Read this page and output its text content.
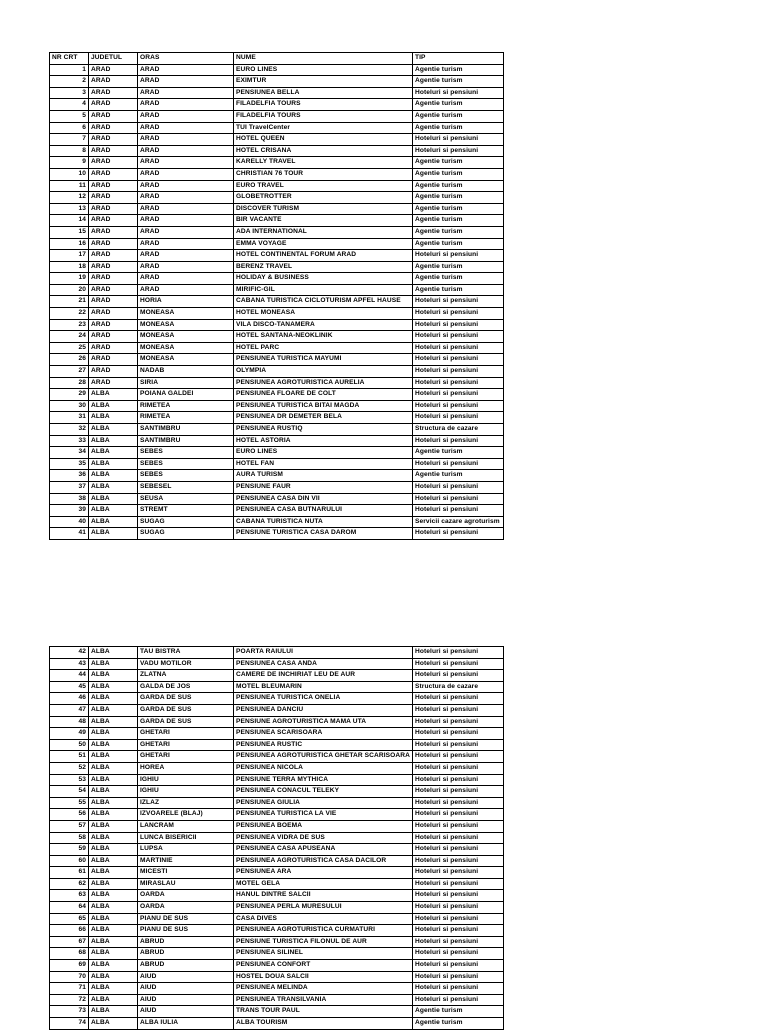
NR CRT	JUDETUL	ORAS	NUME	TIP
1	ARAD	ARAD	EURO LINES	Agentie turism
2	ARAD	ARAD	EXIMTUR	Agentie turism
3	ARAD	ARAD	PENSIUNEA BELLA	Hoteluri si pensiuni
4	ARAD	ARAD	FILADELFIA TOURS	Agentie turism
5	ARAD	ARAD	FILADELFIA TOURS	Agentie turism
6	ARAD	ARAD	TUI TravelCenter	Agentie turism
7	ARAD	ARAD	HOTEL QUEEN	Hoteluri si pensiuni
8	ARAD	ARAD	HOTEL CRISANA	Hoteluri si pensiuni
9	ARAD	ARAD	KARELLY TRAVEL	Agentie turism
10	ARAD	ARAD	CHRISTIAN 76 TOUR	Agentie turism
11	ARAD	ARAD	EURO TRAVEL	Agentie turism
12	ARAD	ARAD	GLOBETROTTER	Agentie turism
13	ARAD	ARAD	DISCOVER TURISM	Agentie turism
14	ARAD	ARAD	BIR VACANTE	Agentie turism
15	ARAD	ARAD	ADA INTERNATIONAL	Agentie turism
16	ARAD	ARAD	EMMA VOYAGE	Agentie turism
17	ARAD	ARAD	HOTEL CONTINENTAL FORUM ARAD	Hoteluri si pensiuni
18	ARAD	ARAD	BERENZ TRAVEL	Agentie turism
19	ARAD	ARAD	HOLIDAY & BUSINESS	Agentie turism
20	ARAD	ARAD	MIRIFIC-GIL	Agentie turism
21	ARAD	HORIA	CABANA TURISTICA CICLOTURISM APFEL HAUSE	Hoteluri si pensiuni
22	ARAD	MONEASA	HOTEL MONEASA	Hoteluri si pensiuni
23	ARAD	MONEASA	VILA DISCO-TANAMERA	Hoteluri si pensiuni
24	ARAD	MONEASA	HOTEL SANTANA-NEOKLINIK	Hoteluri si pensiuni
25	ARAD	MONEASA	HOTEL PARC	Hoteluri si pensiuni
26	ARAD	MONEASA	PENSIUNEA TURISTICA MAYUMI	Hoteluri si pensiuni
27	ARAD	NADAB	OLYMPIA	Hoteluri si pensiuni
28	ARAD	SIRIA	PENSIUNEA AGROTURISTICA AURELIA	Hoteluri si pensiuni
29	ALBA	POIANA GALDEI	PENSIUNEA FLOARE DE COLT	Hoteluri si pensiuni
30	ALBA	RIMETEA	PENSIUNEA TURISTICA BITAI MAGDA	Hoteluri si pensiuni
31	ALBA	RIMETEA	PENSIUNEA DR DEMETER BELA	Hoteluri si pensiuni
32	ALBA	SANTIMBRU	PENSIUNEA RUSTIQ	Structura de cazare
33	ALBA	SANTIMBRU	HOTEL ASTORIA	Hoteluri si pensiuni
34	ALBA	SEBES	EURO LINES	Agentie turism
35	ALBA	SEBES	HOTEL FAN	Hoteluri si pensiuni
36	ALBA	SEBES	AURA TURISM	Agentie turism
37	ALBA	SEBESEL	PENSIUNE FAUR	Hoteluri si pensiuni
38	ALBA	SEUSA	PENSIUNEA CASA DIN VII	Hoteluri si pensiuni
39	ALBA	STREMT	PENSIUNEA CASA BUTNARULUI	Hoteluri si pensiuni
40	ALBA	SUGAG	CABANA TURISTICA NUTA	Servicii cazare agroturism
41	ALBA	SUGAG	PENSIUNE TURISTICA CASA DAROM	Hoteluri si pensiuni
42	ALBA	TAU BISTRA	POARTA RAIULUI	Hoteluri si pensiuni
43	ALBA	VADU MOTILOR	PENSIUNEA CASA ANDA	Hoteluri si pensiuni
44	ALBA	ZLATNA	CAMERE DE INCHIRIAT LEU DE AUR	Hoteluri si pensiuni
45	ALBA	GALDA DE JOS	MOTEL BLEUMARIN	Structura de cazare
46	ALBA	GARDA DE SUS	PENSIUNEA TURISTICA ONELIA	Hoteluri si pensiuni
47	ALBA	GARDA DE SUS	PENSIUNEA DANCIU	Hoteluri si pensiuni
48	ALBA	GARDA DE SUS	PENSIUNE AGROTURISTICA MAMA UTA	Hoteluri si pensiuni
49	ALBA	GHETARI	PENSIUNEA SCARISOARA	Hoteluri si pensiuni
50	ALBA	GHETARI	PENSIUNEA RUSTIC	Hoteluri si pensiuni
51	ALBA	GHETARI	PENSIUNEA AGROTURISTICA GHETAR SCARISOARA	Hoteluri si pensiuni
52	ALBA	HOREA	PENSIUNEA NICOLA	Hoteluri si pensiuni
53	ALBA	IGHIU	PENSIUNE TERRA MYTHICA	Hoteluri si pensiuni
54	ALBA	IGHIU	PENSIUNEA CONACUL TELEKY	Hoteluri si pensiuni
55	ALBA	IZLAZ	PENSIUNEA GIULIA	Hoteluri si pensiuni
56	ALBA	IZVOARELE (BLAJ)	PENSIUNEA TURISTICA LA VIE	Hoteluri si pensiuni
57	ALBA	LANCRAM	PENSIUNEA BOEMA	Hoteluri si pensiuni
58	ALBA	LUNCA BISERICII	PENSIUNEA VIDRA DE SUS	Hoteluri si pensiuni
59	ALBA	LUPSA	PENSIUNEA CASA APUSEANA	Hoteluri si pensiuni
60	ALBA	MARTINIE	PENSIUNEA AGROTURISTICA CASA DACILOR	Hoteluri si pensiuni
61	ALBA	MICESTI	PENSIUNEA ARA	Hoteluri si pensiuni
62	ALBA	MIRASLAU	MOTEL GELA	Hoteluri si pensiuni
63	ALBA	OARDA	HANUL DINTRE SALCII	Hoteluri si pensiuni
64	ALBA	OARDA	PENSIUNEA PERLA MURESULUI	Hoteluri si pensiuni
65	ALBA	PIANU DE SUS	CASA DIVES	Hoteluri si pensiuni
66	ALBA	PIANU DE SUS	PENSIUNEA AGROTURISTICA CURMATURI	Hoteluri si pensiuni
67	ALBA	ABRUD	PENSIUNE TURISTICA FILONUL DE AUR	Hoteluri si pensiuni
68	ALBA	ABRUD	PENSIUNEA SILINEL	Hoteluri si pensiuni
69	ALBA	ABRUD	PENSIUNEA CONFORT	Hoteluri si pensiuni
70	ALBA	AIUD	HOSTEL DOUA SALCII	Hoteluri si pensiuni
71	ALBA	AIUD	PENSIUNEA MELINDA	Hoteluri si pensiuni
72	ALBA	AIUD	PENSIUNEA TRANSILVANIA	Hoteluri si pensiuni
73	ALBA	AIUD	TRANS TOUR PAUL	Agentie turism
74	ALBA	ALBA IULIA	ALBA TOURISM	Agentie turism
